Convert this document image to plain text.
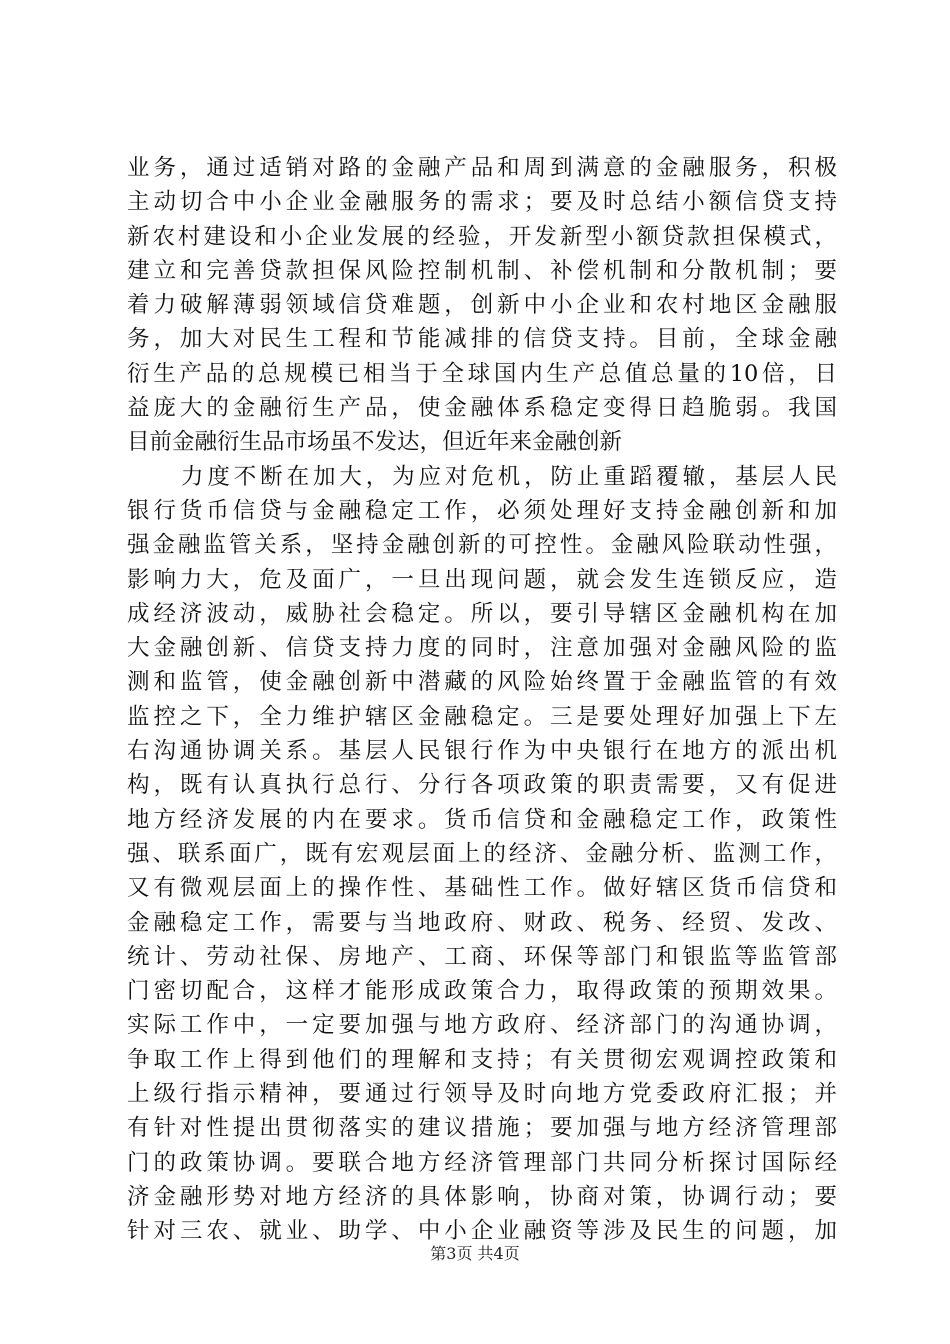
业务，通过适销对路的金融产品和周到满意的金融服务，积极
主动切合中小企业金融服务的需求；要及时总结小额信贷支持
新农村建设和小企业发展的经验，开发新型小额贷款担保模式，
建立和完善贷款担保风险控制机制、补偿机制和分散机制；要
着力破解薄弱领域信贷难题，创新中小企业和农村地区金融服
务，加大对民生工程和节能减排的信贷支持。目前，全球金融
衍生产品的总规模已相当于全球国内生产总值总量的10倍，日
益庞大的金融衍生产品，使金融体系稳定变得日趋脆弱。我国
目前金融衍生品市场虽不发达，但近年来金融创新
力度不断在加大，为应对危机，防止重蹈覆辙，基层人民
银行货币信贷与金融稳定工作，必须处理好支持金融创新和加
强金融监管关系，坚持金融创新的可控性。金融风险联动性强，
影响力大，危及面广，一旦出现问题，就会发生连锁反应，造
成经济波动，威胁社会稳定。所以，要引导辖区金融机构在加
大金融创新、信贷支持力度的同时，注意加强对金融风险的监
测和监管，使金融创新中潜藏的风险始终置于金融监管的有效
监控之下，全力维护辖区金融稳定。三是要处理好加强上下左
右沟通协调关系。基层人民银行作为中央银行在地方的派出机
构，既有认真执行总行、分行各项政策的职责需要，又有促进
地方经济发展的内在要求。货币信贷和金融稳定工作，政策性
强、联系面广，既有宏观层面上的经济、金融分析、监测工作，
又有微观层面上的操作性、基础性工作。做好辖区货币信贷和
金融稳定工作，需要与当地政府、财政、税务、经贸、发改、
统计、劳动社保、房地产、工商、环保等部门和银监等监管部
门密切配合，这样才能形成政策合力，取得政策的预期效果。
实际工作中，一定要加强与地方政府、经济部门的沟通协调，
争取工作上得到他们的理解和支持；有关贯彻宏观调控政策和
上级行指示精神，要通过行领导及时向地方党委政府汇报；并
有针对性提出贯彻落实的建议措施；要加强与地方经济管理部
门的政策协调。要联合地方经济管理部门共同分析探讨国际经
济金融形势对地方经济的具体影响，协商对策，协调行动；要
针对三农、就业、助学、中小企业融资等涉及民生的问题，加
第3页 共4页
